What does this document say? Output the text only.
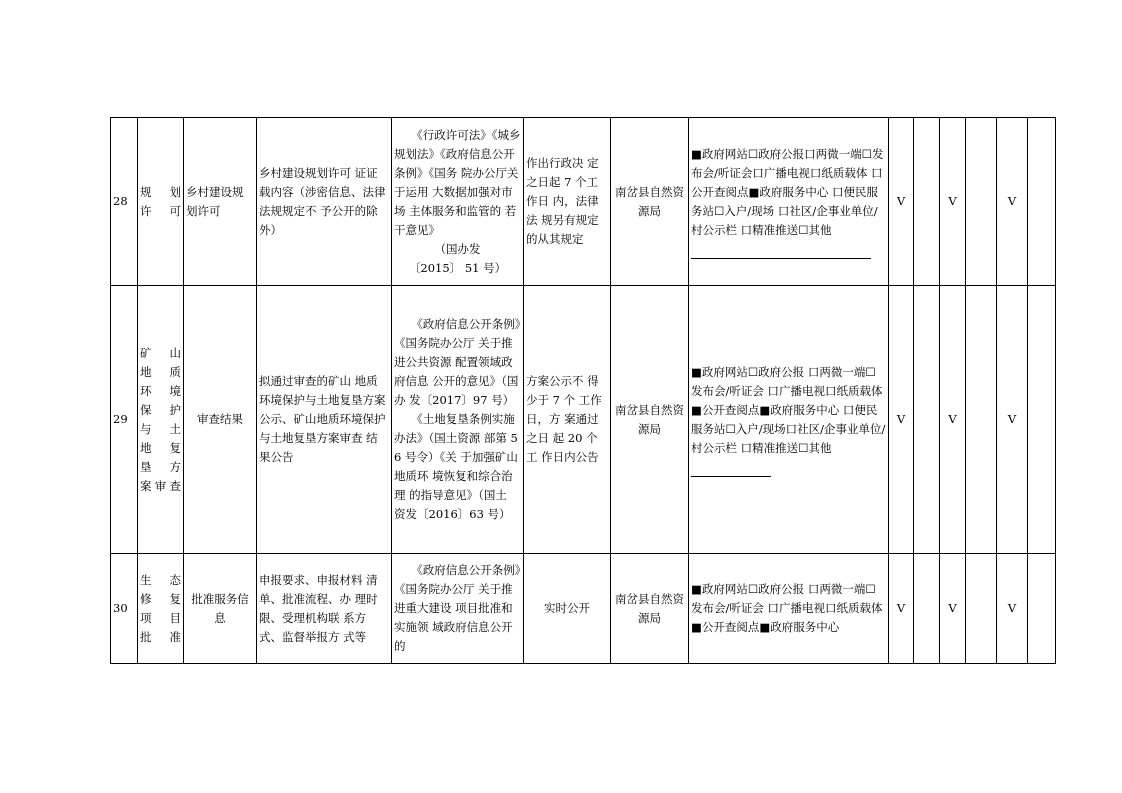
28	规　划许可	乡村建设规划许可	乡村建设规划许可 证证载内容（涉密信息、法律法规规定不 予公开的除外）	《行政许可法》《城乡规划法》《政府信息公开条例》《国务 院办公厅关于运用 大数据加强对市场 主体服务和监管的 若干意见》
（国办发
〔2015〕 51 号）	作出行政决 定之日起 7 个工作日 内，法律法 规另有规定的从其规定	南岔县自然资源局	■政府网站☐政府公报口两微一端☐发布会/听证会口广播电视口纸质载体 口公开查阅点■政府服务中心 口便民服务站☐入户/现场 口社区/企事业单位/村公示栏 口精准推送☐其他	V		V		V	
29	矿　山地　质环　境保　护与　土地　复垦　方案审查	审查结果	拟通过审查的矿山 地质环境保护与土地复垦方案公示、矿山地质环境保护与土地复垦方案审查 结果公告	《政府信息公开条例》《国务院办公厅 关于推进公共资源 配置领域政府信息 公开的意见》（国办 发〔2017〕97 号）
《土地复垦条例实施办法》（国土资源 部第 56 号令）《关 于加强矿山地质环 境恢复和综合治理 的指导意见》（国土 资发〔2016〕63 号）	方案公示不 得少于 7 个 工作日，方 案通过之日 起 20 个工 作日内公告	南岔县自然资源局	■政府网站☐政府公报 口两微一端☐发布会/听证会 口广播电视口纸质载体 ■公开查阅点■政府服务中心 口便民服务站☐入户/现场口社区/企事业单位/村公示栏 口精准推送☐其他	V		V		V	
30	生　态修　复项　目批准	批准服务信息	申报要求、申报材料 清单、批准流程、办 理时限、受理机构联 系方式、监督举报方 式等	《政府信息公开条例》《国务院办公厅 关于推进重大建设 项目批准和实施领 域政府信息公开的	实时公开	南岔县自然资源局	■政府网站☐政府公报 口两微一端☐发布会/听证会 口广播电视口纸质载体 ■公开查阅点■政府服务中心	V		V		V	
